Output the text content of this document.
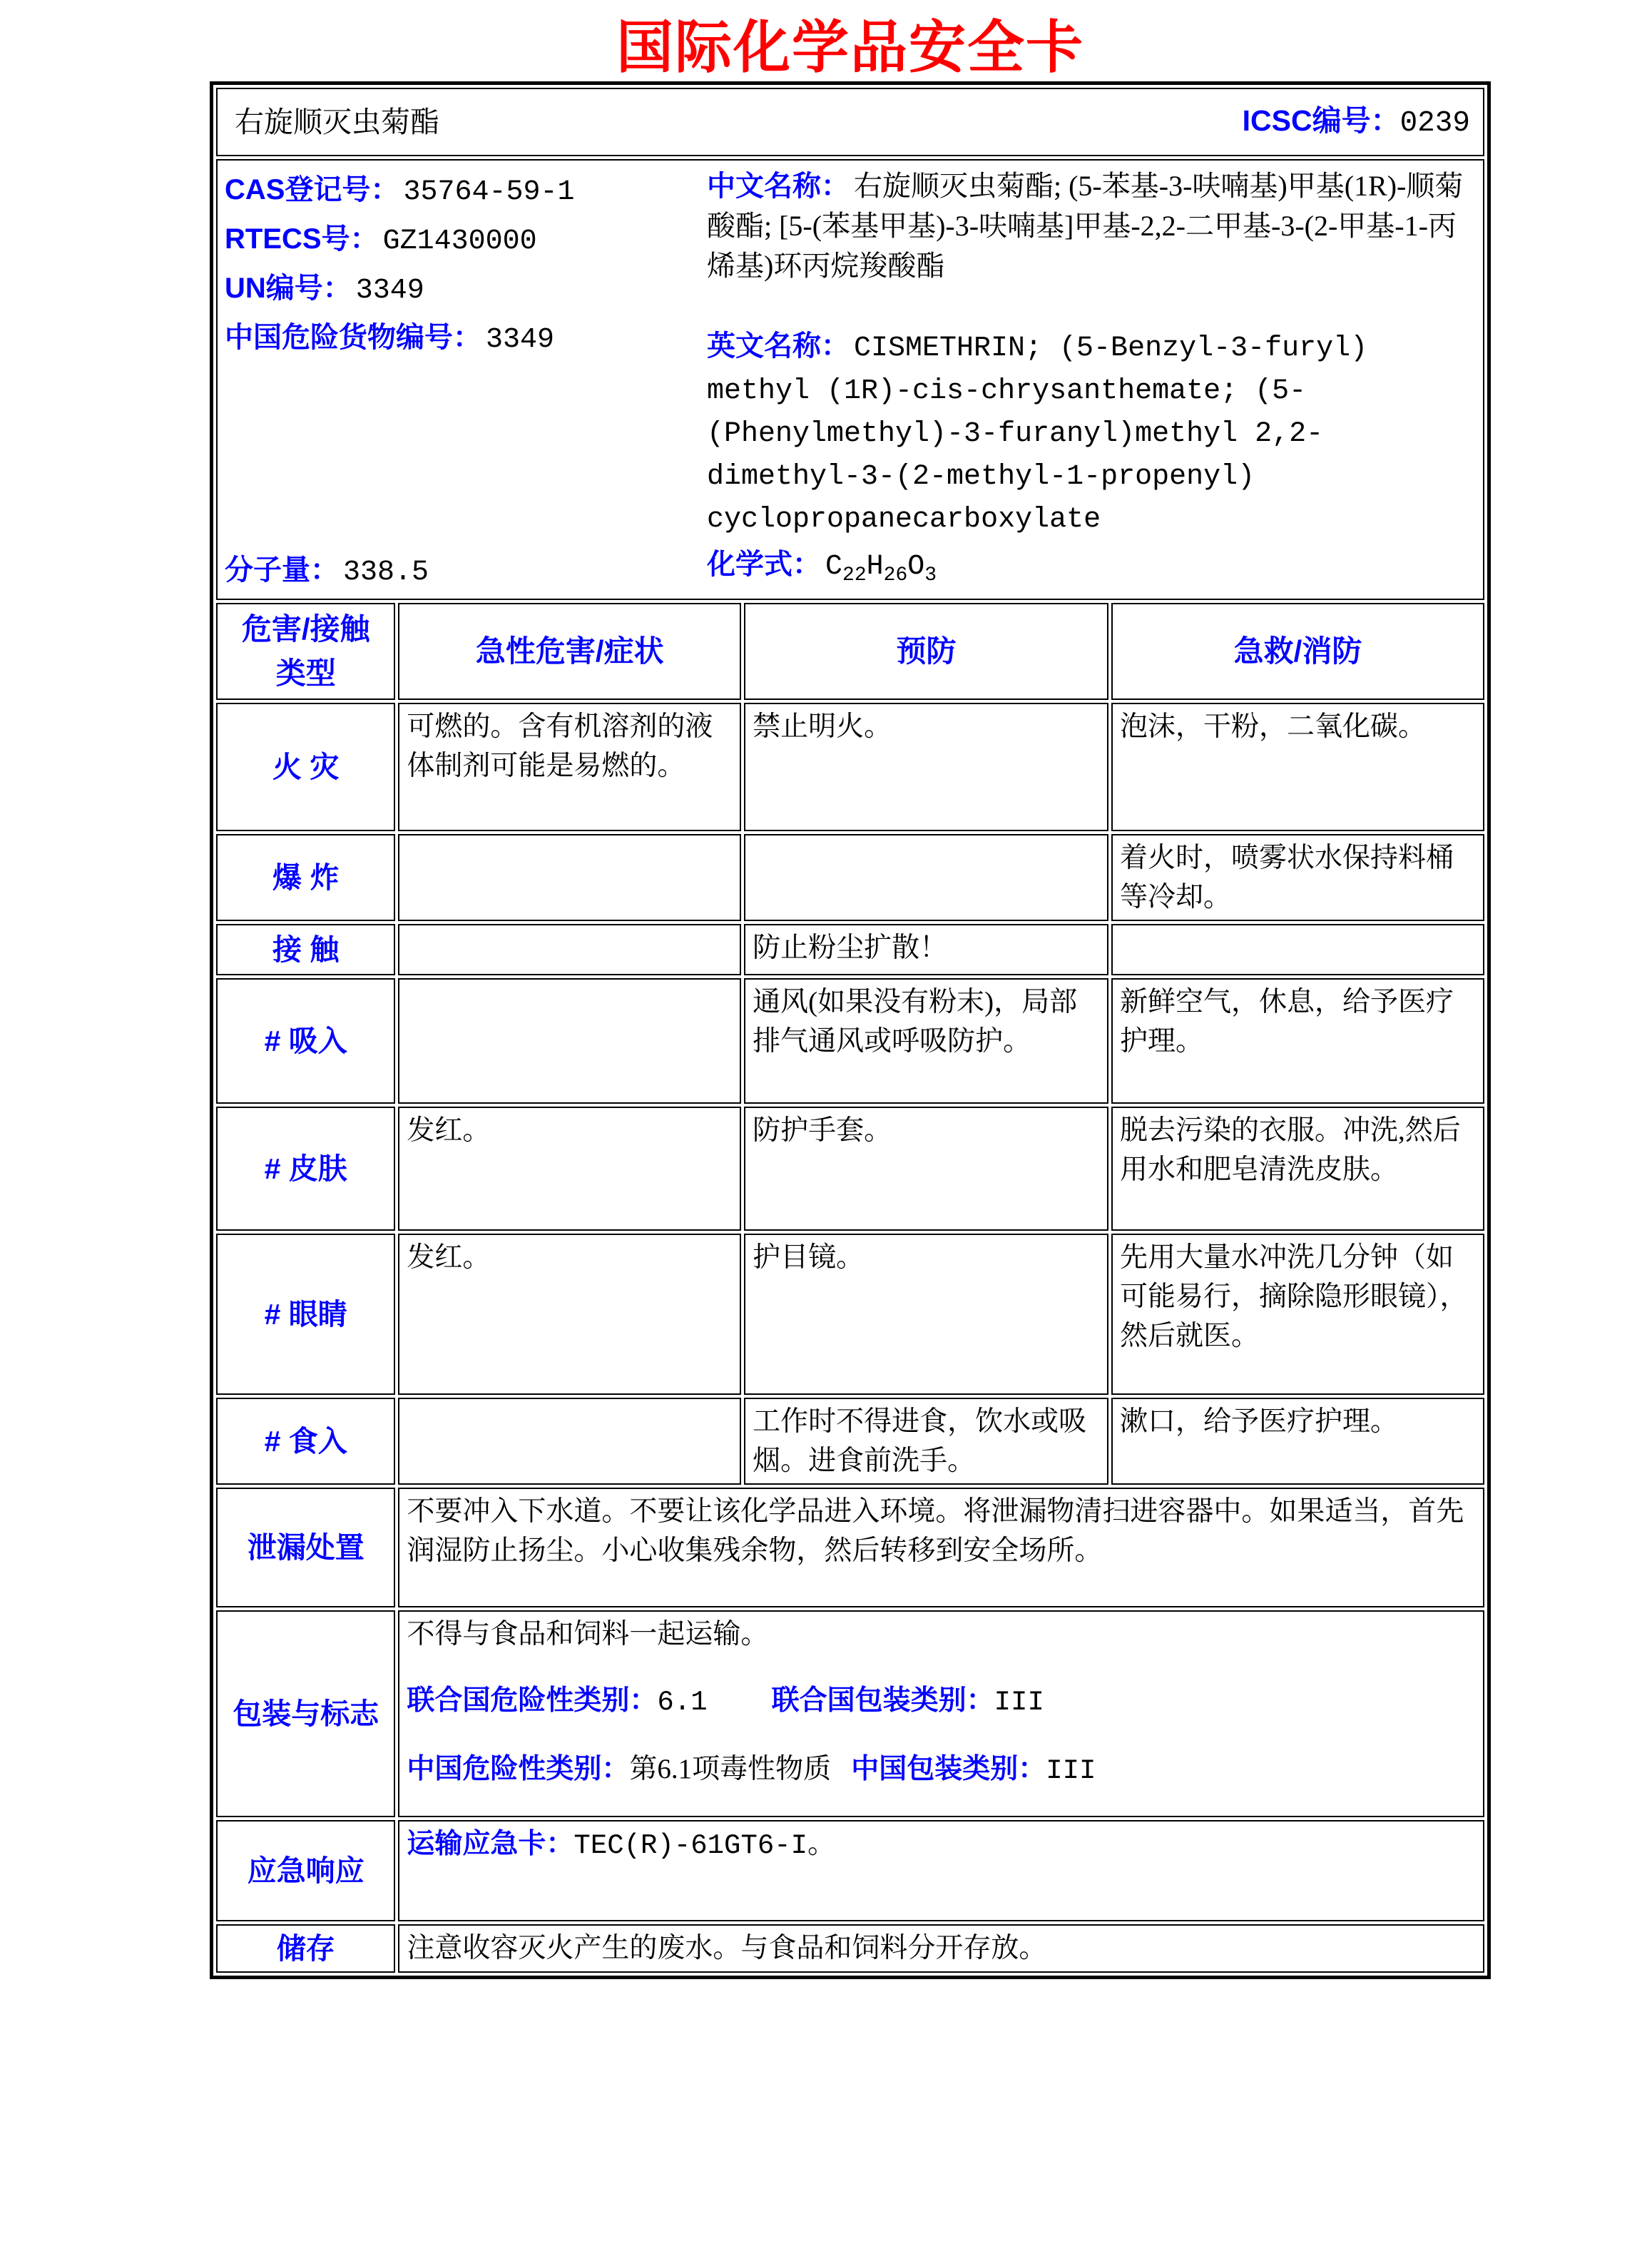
国际化学品安全卡
右旋顺灭虫菊酯 ICSC编号：0239			

CAS登记号： 35764-59-1
RTECS号： GZ1430000
UN编号： 3349
中国危险货物编号： 3349
分子量： 338.5

中文名称： 右旋顺灭虫菊酯; (5-苯基-3-呋喃基)甲基(1R)-顺菊酸酯; [5-(苯基甲基)-3-呋喃基]甲基-2,2-二甲基-3-(2-甲基-1-丙烯基)环丙烷羧酸酯

英文名称： CISMETHRIN; (5-Benzyl-3-furyl) methyl (1R)-cis-chrysanthemate; (5-(Phenylmethyl)-3-furanyl)methyl 2,2-dimethyl-3-(2-methyl-1-propenyl) cyclopropanecarboxylate

化学式： $C_{22}H_{26}O_3$

危害/接触
类型	急性危害/症状	预防	急救/消防
火 灾	可燃的。含有机溶剂的液体制剂可能是易燃的。	禁止明火。	泡沫，干粉，二氧化碳。
爆 炸			着火时，喷雾状水保持料桶等冷却。
接 触		防止粉尘扩散！	
# 吸入		通风(如果没有粉末)，局部排气通风或呼吸防护。	新鲜空气，休息，给予医疗护理。
# 皮肤	发红。	防护手套。	脱去污染的衣服。冲洗,然后用水和肥皂清洗皮肤。
# 眼睛	发红。	护目镜。	先用大量水冲洗几分钟（如可能易行，摘除隐形眼镜），然后就医。
# 食入		工作时不得进食，饮水或吸烟。进食前洗手。	漱口，给予医疗护理。
泄漏处置	不要冲入下水道。不要让该化学品进入环境。将泄漏物清扫进容器中。如果适当，首先润湿防止扬尘。小心收集残余物，然后转移到安全场所。		
包装与标志	不得与食品和饲料一起运输。

联合国危险性类别：6.1 联合国包装类别：III

中国危险性类别：第6.1项毒性物质 中国包装类别：III		

应急响应	运输应急卡：TEC(R)-61GT6-I。		
储存	注意收容灭火产生的废水。与食品和饲料分开存放。		
